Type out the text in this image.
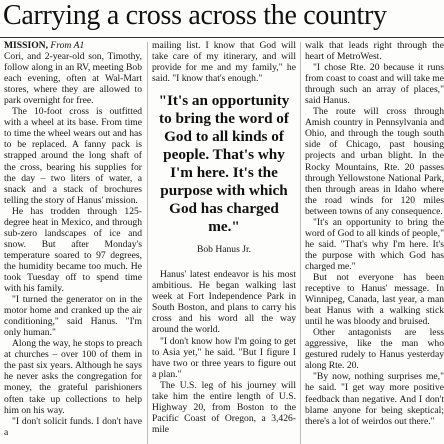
Carrying a cross across the country

MISSION, From A1

Cori, and 2-year-old son, Timothy, follow along in an RV, meeting Bob each evening, often at Wal-Mart stores, where they are allowed to park overnight for free.

The 10-foot cross is outfitted with a wheel at its base. From time to time the wheel wears out and has to be replaced. A fanny pack is strapped around the long shaft of the cross, bearing his supplies for the day – two liters of water, a snack and a stack of brochures telling the story of Hanus' mission.

He has trodden through 125-degree heat in Mexico, and through sub-zero landscapes of ice and snow. But after Monday's temperature soared to 97 degrees, the humidity became too much. He took Tuesday off to spend time with his family.

"I turned the generator on in the motor home and cranked up the air conditioning," said Hanus. "I'm only human."

Along the way, he stops to preach at churches – over 100 of them in the past six years. Although he says he never asks the congregation for money, the grateful parishioners often take up collections to help him on his way.

"I don't solicit funds. I don't have a

mailing list. I know that God will take care of my itinerary, and will provide for me and my family," he said. "I know that's enough."

"It's an opportunity to bring the word of God to all kinds of people. That's why I'm here. It's the purpose with which God has charged me."
Bob Hanus Jr.

Hanus' latest endeavor is his most ambitious. He began walking last week at Fort Independence Park in South Boston, and plans to carry his cross and his word all the way around the world.

"I don't know how I'm going to get to Asia yet," he said. "But I figure I have two or three years to figure out a plan."

The U.S. leg of his journey will take him the entire length of U.S. Highway 20, from Boston to the Pacific Coast of Oregon, a 3,426-mile

walk that leads right through the heart of MetroWest.

"I chose Rte. 20 because it runs from coast to coast and will take me through such an array of places," said Hanus.

The route will cross through Amish country in Pennsylvania and Ohio, and through the tough south side of Chicago, past housing projects and urban blight. In the Rocky Mountains, Rte. 20 passes through Yellowstone National Park, then through areas in Idaho where the road winds for 120 miles between towns of any consequence.

"It's an opportunity to bring the word of God to all kinds of people," he said. "That's why I'm here. It's the purpose with which God has charged me."

But not everyone has been receptive to Hanus' message. In Winnipeg, Canada, last year, a man beat Hanus with a walking stick until he was bloody and bruised.

Other antagonists are less aggressive, like the man who gestured rudely to Hanus yesterday along Rte. 20.

"By now, nothing surprises me," he said. "I get way more positive feedback than negative. And I don't blame anyone for being skeptical; there's a lot of weirdos out there."
